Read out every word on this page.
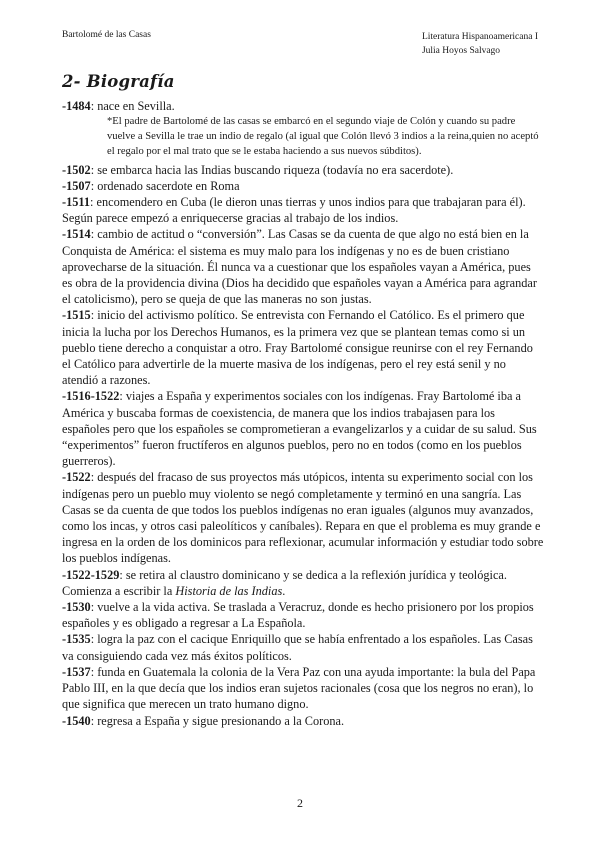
Bartolomé de las Casas	Literatura Hispanoamericana I
Julia Hoyos Salvago
2- Biografía

-1484: nace en Sevilla.

*El padre de Bartolomé de las casas se embarcó en el segundo viaje de Colón y cuando su padre vuelve a Sevilla le trae un indio de regalo (al igual que Colón llevó 3 indios a la reina,quien no aceptó el regalo por el mal trato que se le estaba haciendo a sus nuevos súbditos).

-1502: se embarca hacia las Indias buscando riqueza (todavía no era sacerdote).

-1507: ordenado sacerdote en Roma

-1511: encomendero en Cuba (le dieron unas tierras y unos indios para que trabajaran para él). Según parece empezó a enriquecerse gracias al trabajo de los indios.

-1514: cambio de actitud o “conversión”. Las Casas se da cuenta de que algo no está bien en la Conquista de América: el sistema es muy malo para los indígenas y no es de buen cristiano aprovecharse de la situación. Él nunca va a cuestionar que los españoles vayan a América, pues es obra de la providencia divina (Dios ha decidido que españoles vayan a América para agrandar el catolicismo), pero se queja de que las maneras no son justas.

-1515: inicio del activismo político. Se entrevista con Fernando el Católico. Es el primero que inicia la lucha por los Derechos Humanos, es la primera vez que se plantean temas como si un pueblo tiene derecho a conquistar a otro. Fray Bartolomé consigue reunirse con el rey Fernando el Católico para advertirle de la muerte masiva de los indígenas, pero el rey está senil y no atendió a razones.

-1516-1522: viajes a España y experimentos sociales con los indígenas. Fray Bartolomé iba a América y buscaba formas de coexistencia, de manera que los indios trabajasen para los españoles pero que los españoles se comprometieran a evangelizarlos y a cuidar de su salud. Sus “experimentos” fueron fructíferos en algunos pueblos, pero no en todos (como en los pueblos guerreros).

-1522: después del fracaso de sus proyectos más utópicos, intenta su experimento social con los indígenas pero un pueblo muy violento se negó completamente y terminó en una sangría. Las Casas se da cuenta de que todos los pueblos indígenas no eran iguales (algunos muy avanzados, como los incas, y otros casi paleolíticos y caníbales). Repara en que el problema es muy grande e ingresa en la orden de los dominicos para reflexionar, acumular información y estudiar todo sobre los pueblos indígenas.

-1522-1529: se retira al claustro dominicano y se dedica a la reflexión jurídica y teológica. Comienza a escribir la Historia de las Indias.

-1530: vuelve a la vida activa. Se traslada a Veracruz, donde es hecho prisionero por los propios españoles y es obligado a regresar a La Española.

-1535: logra la paz con el cacique Enriquillo que se había enfrentado a los españoles. Las Casas va consiguiendo cada vez más éxitos políticos.

-1537: funda en Guatemala la colonia de la Vera Paz con una ayuda importante: la bula del Papa Pablo III, en la que decía que los indios eran sujetos racionales (cosa que los negros no eran), lo que significa que merecen un trato humano digno.

-1540: regresa a España y sigue presionando a la Corona.

2
